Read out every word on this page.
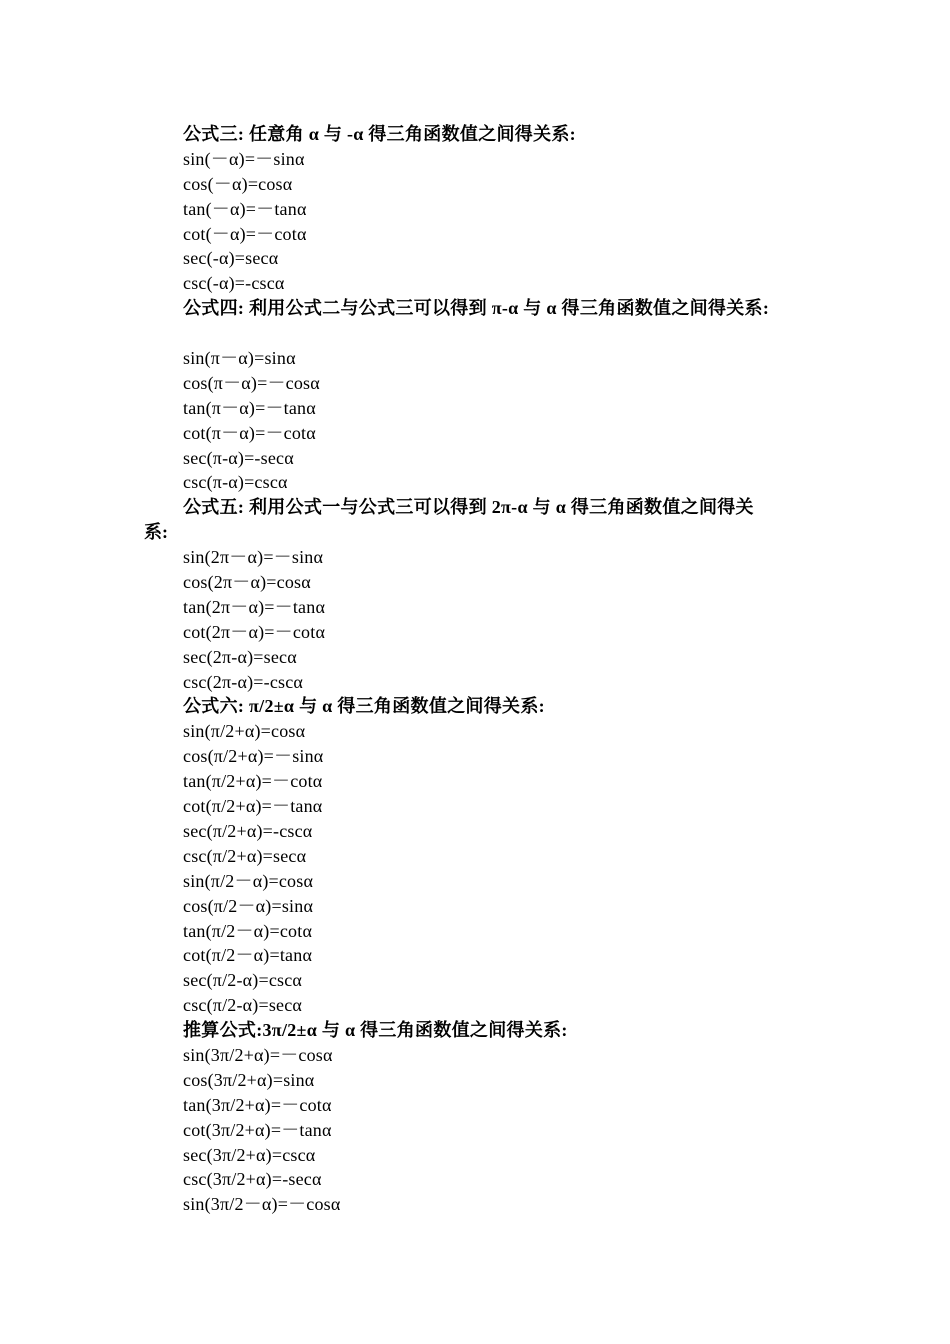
公式三: 任意角 α 与 -α 得三角函数值之间得关系:
sin(－α)=－sinα
cos(－α)=cosα
tan(－α)=－tanα
cot(－α)=－cotα
sec(-α)=secα
csc(-α)=-cscα
公式四: 利用公式二与公式三可以得到 π-α 与 α 得三角函数值之间得关系:
sin(π－α)=sinα
cos(π－α)=－cosα
tan(π－α)=－tanα
cot(π－α)=－cotα
sec(π-α)=-secα
csc(π-α)=cscα
公式五: 利用公式一与公式三可以得到 2π-α 与 α 得三角函数值之间得关
系:
sin(2π－α)=－sinα
cos(2π－α)=cosα
tan(2π－α)=－tanα
cot(2π－α)=－cotα
sec(2π-α)=secα
csc(2π-α)=-cscα
公式六: π/2±α 与 α 得三角函数值之间得关系:
sin(π/2+α)=cosα
cos(π/2+α)=－sinα
tan(π/2+α)=－cotα
cot(π/2+α)=－tanα
sec(π/2+α)=-cscα
csc(π/2+α)=secα
sin(π/2－α)=cosα
cos(π/2－α)=sinα
tan(π/2－α)=cotα
cot(π/2－α)=tanα
sec(π/2-α)=cscα
csc(π/2-α)=secα
推算公式:3π/2±α 与 α 得三角函数值之间得关系:
sin(3π/2+α)=－cosα
cos(3π/2+α)=sinα
tan(3π/2+α)=－cotα
cot(3π/2+α)=－tanα
sec(3π/2+α)=cscα
csc(3π/2+α)=-secα
sin(3π/2－α)=－cosα
